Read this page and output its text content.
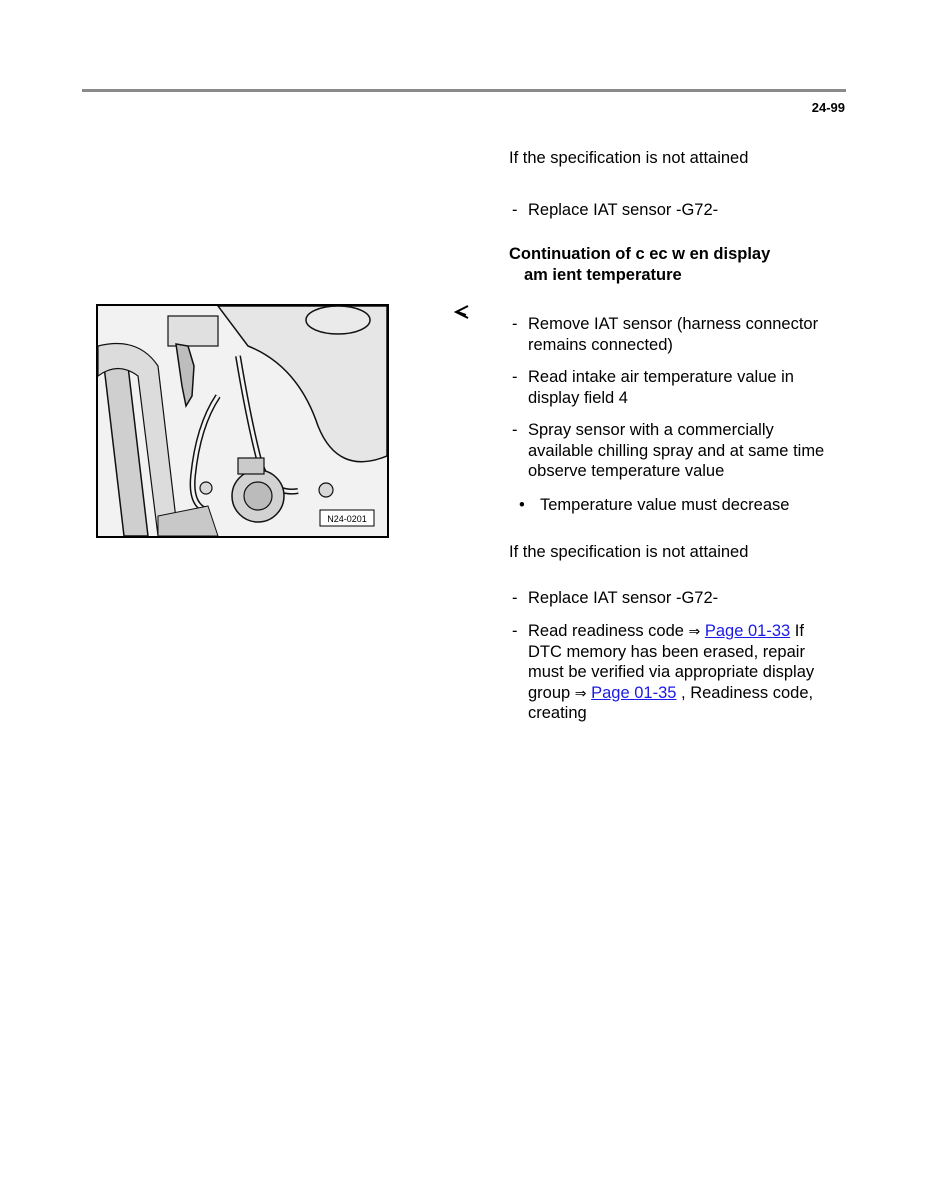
24-99
If the specification is not attained
- Replace IAT sensor -G72-
Continuation of c ec w en display
am ient temperature
N24-0201
- Remove IAT sensor (harness connector remains connected)
- Read intake air temperature value in display field 4
- Spray sensor with a commercially available chilling spray and at same time observe temperature value
• Temperature value must decrease
If the specification is not attained
- Replace IAT sensor -G72-
- Read readiness code ⇒ Page 01-33 If DTC memory has been erased, repair must be verified via appropriate display group ⇒ Page 01-35 , Readiness code, creating
